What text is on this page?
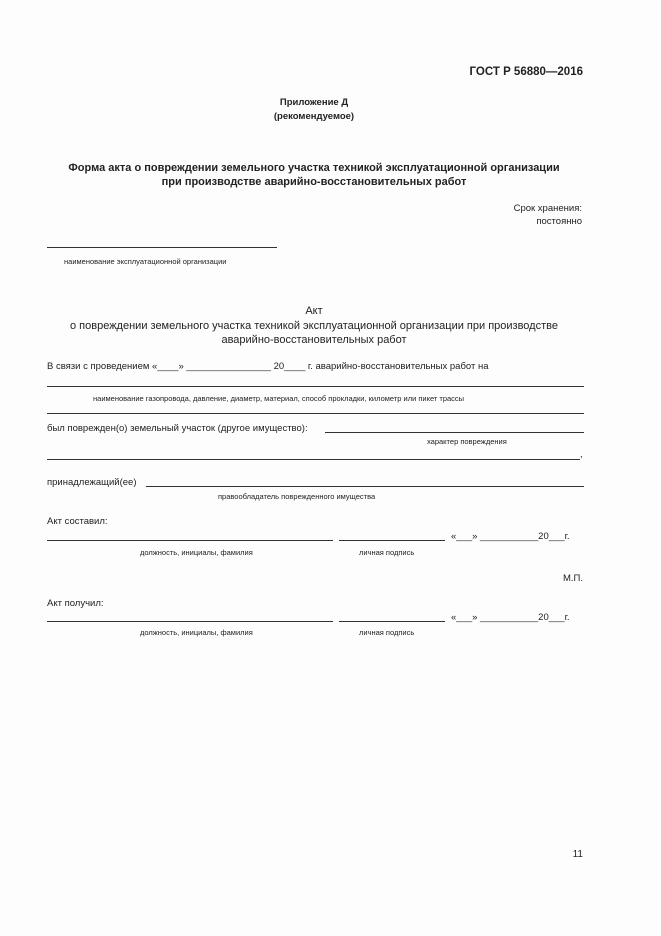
ГОСТ Р 56880—2016
Приложение Д
(рекомендуемое)
Форма акта о повреждении земельного участка техникой эксплуатационной организации
при производстве аварийно-восстановительных работ
Срок хранения:
постоянно
наименование эксплуатационной организации
Акт
о повреждении земельного участка техникой эксплуатационной организации при производстве
аварийно-восстановительных работ
В связи с проведением «____» ________________ 20____ г. аварийно-восстановительных работ на
наименование газопровода, давление, диаметр, материал, способ прокладки, километр или пикет трассы
был поврежден(о) земельный участок (другое имущество):
характер повреждения
,
принадлежащий(ее)
правообладатель поврежденного имущества
Акт составил:
«___» ___________20___г.
должность, инициалы, фамилия	личная подпись
М.П.
Акт получил:
«___» ___________20___г.
должность, инициалы, фамилия	личная подпись
11
